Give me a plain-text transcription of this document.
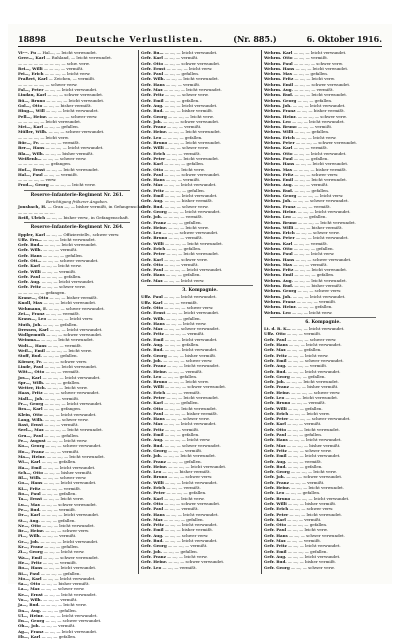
18898	Deutsche Verlustlisten.	(Nr. 885.)	6. Oktober 1916.
Vi---. Fu — Hal—, — leicht verwundet.
Gree—, Karl — Ruhland, — leicht verwundet.
— — — — — — — —, — schw. verw.
Rei—, Willi — — —, — vermißt.
Fei—, Erich — — —, — leicht verw.
Fraßert, Karl — Zeichen, — vermißt.
— — — — —, — schwer verw.
Fal—, Peter — —, — leicht verwundet.
Lindau, Karl — —, — schwer verwundet.
Bü—, Bruno — — —, — leicht verwundet.
Gol—, Otto — —, — bisher vermißt.
Hing—, Will — —, — leicht verwundet.
Pell—, Heinr. — — —, — schwer verw.
— — — —, — leicht verwundet.
Mei—, Karl — —, — gefallen.
Müller, Wilh. — —, — schwer verwundet.
— — — —, — leicht verw.
Bür—, Fr. — — —, — vermißt.
Ber—, Hans — — —, — leicht verwundet.
Bla—, Wilh. — —, — bisher vermißt.
Weißenb— — —, — schwer verw.
— — — — —, — gefangen.
Hof—, Ernst — —, — leicht verwundet.
Hal—, Paul — —, — vermißt.
— — — —, — verw.
Frod—, Georg — — —, — leicht verw.
Reserve-Infanterie-Regiment Nr. 261.
Berichtigung früherer Angaben.
Jonsbach, H. — Gran —, — bisher vermißt, in Gefangenschaft.
— — — — — — —.
Reiß, Ulrich — —, — bisher verw., in Gefangenschaft.
Reserve-Infanterie-Regiment Nr. 264.
Eppler, Karl — —, — Offizierstellv., schwer verw.
Uffz. Ern— — —, — leicht verwundet.
Gefr. Rud— — —, — leicht verwundet.
Gefr. Wilh. — —, — vermißt.
Gefr. Hans — — —, — gefallen.
Gefr. Ott— — —, — schwer verwundet.
Gefr. Karl — —, — leicht verw.
Gefr. Willi — —, — vermißt.
Gefr. Paul — — —, — gefallen.
Gefr. Aug. — —, — leicht verwundet.
Gefr. Fritz — —, — schwer verw.
— — — —, — gefangen.
Krane—, Otto — —, — bisher vermißt.
Knoll, Max — —, — leicht verwundet.
Wehmann, E. — —, — schwer verwundet.
Zei—, Franz — —, — vermißt.
Kraus—, Leo — — —, — leicht verw.
Muth, Joh. — —, — gefallen.
Dressen, Karl — —, — leicht verwundet.
Wollgemuth — —, — schwer verwundet.
Weinma— — —, — leicht verwundet.
Wolt—, Hans — —, — vermißt.
Weil—, Emil — — —, — leicht verw.
Stoff, Rud. — —, — gefallen.
Körner, Fr. — —, — schwer verw.
Linde, Paul — —, — leicht verwundet.
Witt—, Otto — —, — vermißt.
Jos—, Karl — — —, — leicht verwundet.
Spr—, Wilh. — —, — gefallen.
Wetter, Hch. — —, — leicht verw.
Haas, Fritz — —, — schwer verwundet.
Mall—, Joh. — —, — vermißt.
Fr—, Georg — — —, — leicht verwundet.
Bra—, Karl — —, — gefangen.
Klein, Otto — —, — leicht verwundet.
Lang, Wilh. — —, — schwer verw.
Rast, Ernst — —, — vermißt.
Seel—, Max — — —, — leicht verwundet.
Gru—, Paul — —, — gefallen.
Fe—, August — —, — leicht verw.
Ko—, Georg — —, — schwer verwundet.
Ho—, Franz — —, — vermißt.
Ma—, Heinr. — — —, — leicht verwundet.
Wi—, Karl — —, — gefallen.
Ha—, Emil — —, — leicht verwundet.
Sch—, Otto — —, — bisher vermißt.
Bl—, Wilh. — —, — schwer verw.
Go—, Hans — —, — leicht verwundet.
Ki—, Fritz — — —, — vermißt.
Ro—, Paul — —, — gefallen.
Ta—, Ernst — —, — leicht verw.
Lu—, Max — —, — schwer verwundet.
Pe—, Rud. — —, — vermißt.
Dr—, Karl — — —, — leicht verwundet.
St—, Aug. — —, — gefallen.
Ne—, Otto — —, — leicht verwundet.
Br—, Heinr. — —, — schwer verw.
Fi—, Wilh. — —, — vermißt.
Gr—, Joh. — — —, — leicht verwundet.
Kr—, Franz — —, — gefallen.
Zi—, Georg — —, — leicht verw.
Wa—, Emil — —, — schwer verwundet.
He—, Fritz — —, — vermißt.
Bo—, Hans — —, — leicht verwundet.
Ri—, Paul — — —, — gefallen.
Mo—, Karl — —, — leicht verwundet.
Sa—, Otto — —, — bisher vermißt.
La—, Max — —, — schwer verw.
Ke—, Ernst — —, — leicht verwundet.
Vo—, Wilh. — —, — vermißt.
Ja—, Rud. — — —, — leicht verw.
Da—, Aug. — —, — gefallen.
Ul—, Heinr. — —, — leicht verwundet.
En—, Georg — —, — schwer verwundet.
Ob—, Joh. — —, — vermißt.
Ag—, Franz — —, — leicht verwundet.
Eb—, Karl — —, — gefallen.
Gefr. Ru— — —, — leicht verwundet.
Gefr. Karl — —, — vermißt.
Gefr. Otto — —, — schwer verwundet.
Gefr. Ernst — — —, — leicht verw.
Gefr. Paul — —, — gefallen.
Gefr. Wilh. — —, — leicht verwundet.
Gefr. Hans — —, — vermißt.
Gefr. Max — — —, — leicht verwundet.
Gefr. Fritz — —, — schwer verw.
Gefr. Emil — —, — gefallen.
Gefr. Aug. — —, — leicht verwundet.
Gefr. Rud. — —, — bisher vermißt.
Gefr. Georg — — —, — leicht verw.
Gefr. Joh. — —, — schwer verwundet.
Gefr. Franz — —, — vermißt.
Gefr. Heinr. — —, — leicht verwundet.
Gefr. Leo — — —, — gefallen.
Gefr. Bruno — —, — leicht verwundet.
Gefr. Willi — —, — schwer verw.
Gefr. Erich — —, — vermißt.
Gefr. Peter — —, — leicht verwundet.
Gefr. Karl — — —, — gefallen.
Gefr. Otto — —, — leicht verw.
Gefr. Paul — —, — schwer verwundet.
Gefr. Hans — —, — vermißt.
Gefr. Max — —, — leicht verwundet.
Gefr. Fritz — — —, — gefallen.
Gefr. Emil — —, — leicht verwundet.
Gefr. Aug. — —, — bisher vermißt.
Gefr. Rud. — —, — schwer verw.
Gefr. Georg — —, — leicht verwundet.
Gefr. Joh. — — —, — vermißt.
Gefr. Franz — —, — gefallen.
Gefr. Heinr. — —, — leicht verw.
Gefr. Leo — —, — schwer verwundet.
Gefr. Bruno — —, — vermißt.
Gefr. Willi — — —, — leicht verwundet.
Gefr. Erich — —, — gefallen.
Gefr. Peter — —, — leicht verwundet.
Gefr. Karl — —, — schwer verw.
Gefr. Otto — —, — vermißt.
Gefr. Paul — — —, — leicht verwundet.
Gefr. Hans — —, — gefallen.
Gefr. Max — —, — leicht verw.
3. Kompagnie.
Uffz. Paul — —, — leicht verwundet.
Uffz. Karl — —, — vermißt.
Gefr. Otto — — —, — schwer verw.
Gefr. Ernst — —, — leicht verwundet.
Gefr. Wilh. — —, — gefallen.
Gefr. Hans — —, — leicht verw.
Gefr. Max — —, — schwer verwundet.
Gefr. Fritz — — —, — vermißt.
Gefr. Emil — —, — leicht verwundet.
Gefr. Aug. — —, — gefallen.
Gefr. Rud. — —, — leicht verwundet.
Gefr. Georg — —, — bisher vermißt.
Gefr. Joh. — — —, — schwer verw.
Gefr. Franz — —, — leicht verwundet.
Gefr. Heinr. — —, — vermißt.
Gefr. Leo — —, — gefallen.
Gefr. Bruno — —, — leicht verw.
Gefr. Willi — — —, — schwer verwundet.
Gefr. Erich — —, — vermißt.
Gefr. Peter — —, — leicht verwundet.
Gefr. Karl — —, — gefallen.
Gefr. Otto — —, — leicht verwundet.
Gefr. Paul — — —, — bisher vermißt.
Gefr. Hans — —, — schwer verw.
Gefr. Max — —, — leicht verwundet.
Gefr. Fritz — —, — vermißt.
Gefr. Emil — —, — gefallen.
Gefr. Aug. — — —, — leicht verw.
Gefr. Rud. — —, — schwer verwundet.
Gefr. Georg — —, — vermißt.
Gefr. Joh. — —, — leicht verwundet.
Gefr. Franz — —, — gefallen.
Gefr. Heinr. — — —, — leicht verwundet.
Gefr. Leo — —, — bisher vermißt.
Gefr. Bruno — —, — schwer verw.
Gefr. Willi — —, — leicht verwundet.
Gefr. Erich — —, — vermißt.
Gefr. Peter — — —, — gefallen.
Gefr. Karl — —, — leicht verw.
Gefr. Otto — —, — schwer verwundet.
Gefr. Paul — —, — vermißt.
Gefr. Hans — —, — leicht verwundet.
Gefr. Max — — —, — gefallen.
Gefr. Fritz — —, — leicht verwundet.
Gefr. Emil — —, — bisher vermißt.
Gefr. Aug. — —, — schwer verw.
Gefr. Rud. — —, — leicht verwundet.
Gefr. Georg — — —, — vermißt.
Gefr. Joh. — —, — gefallen.
Gefr. Franz — —, — leicht verw.
Gefr. Heinr. — —, — schwer verwundet.
Gefr. Leo — —, — vermißt.
Wehrm. Karl — —, — leicht verwundet.
Wehrm. Otto — —, — vermißt.
Wehrm. Paul — — —, — schwer verw.
Wehrm. Hans — —, — leicht verwundet.
Wehrm. Max — —, — gefallen.
Wehrm. Fritz — —, — leicht verw.
Wehrm. Emil — —, — schwer verwundet.
Wehrm. Aug. — — —, — vermißt.
Wehrm. Rud. — —, — leicht verwundet.
Wehrm. Georg — —, — gefallen.
Wehrm. Joh. — —, — leicht verwundet.
Wehrm. Franz — —, — bisher vermißt.
Wehrm. Heinr. — — —, — schwer verw.
Wehrm. Leo — —, — leicht verwundet.
Wehrm. Bruno — —, — vermißt.
Wehrm. Willi — —, — gefallen.
Wehrm. Erich — —, — leicht verw.
Wehrm. Peter — — —, — schwer verwundet.
Wehrm. Karl — —, — vermißt.
Wehrm. Otto — —, — leicht verwundet.
Wehrm. Paul — —, — gefallen.
Wehrm. Hans — —, — leicht verwundet.
Wehrm. Max — — —, — bisher vermißt.
Wehrm. Fritz — —, — schwer verw.
Wehrm. Emil — —, — leicht verwundet.
Wehrm. Aug. — —, — vermißt.
Wehrm. Rud. — —, — gefallen.
Wehrm. Georg — — —, — leicht verw.
Wehrm. Joh. — —, — schwer verwundet.
Wehrm. Franz — —, — vermißt.
Wehrm. Heinr. — —, — leicht verwundet.
Wehrm. Leo — —, — gefallen.
Wehrm. Bruno — — —, — leicht verwundet.
Wehrm. Willi — —, — bisher vermißt.
Wehrm. Erich — —, — schwer verw.
Wehrm. Peter — —, — leicht verwundet.
Wehrm. Karl — —, — vermißt.
Wehrm. Otto — — —, — gefallen.
Wehrm. Paul — —, — leicht verw.
Wehrm. Hans — —, — schwer verwundet.
Wehrm. Max — —, — vermißt.
Wehrm. Fritz — —, — leicht verwundet.
Wehrm. Emil — — —, — gefallen.
Wehrm. Aug. — —, — leicht verwundet.
Wehrm. Rud. — —, — bisher vermißt.
Wehrm. Georg — —, — schwer verw.
Wehrm. Joh. — —, — leicht verwundet.
Wehrm. Franz — — —, — vermißt.
Wehrm. Heinr. — —, — gefallen.
Wehrm. Leo — —, — leicht verw.
6. Kompagnie.
Lt. d. R. K— — —, — leicht verwundet.
Uffz. Otto — —, — vermißt.
Gefr. Paul — — —, — schwer verw.
Gefr. Hans — —, — leicht verwundet.
Gefr. Max — —, — gefallen.
Gefr. Fritz — —, — leicht verw.
Gefr. Emil — —, — schwer verwundet.
Gefr. Aug. — — —, — vermißt.
Gefr. Rud. — —, — leicht verwundet.
Gefr. Georg — —, — gefallen.
Gefr. Joh. — —, — leicht verwundet.
Gefr. Franz — —, — bisher vermißt.
Gefr. Heinr. — — —, — schwer verw.
Gefr. Leo — —, — leicht verwundet.
Gefr. Bruno — —, — vermißt.
Gefr. Willi — —, — gefallen.
Gefr. Erich — —, — leicht verw.
Gefr. Peter — — —, — schwer verwundet.
Gefr. Karl — —, — vermißt.
Gefr. Otto — —, — leicht verwundet.
Gefr. Paul — —, — gefallen.
Gefr. Hans — —, — leicht verwundet.
Gefr. Max — — —, — bisher vermißt.
Gefr. Fritz — —, — schwer verw.
Gefr. Emil — —, — leicht verwundet.
Gefr. Aug. — —, — vermißt.
Gefr. Rud. — —, — gefallen.
Gefr. Georg — — —, — leicht verw.
Gefr. Joh. — —, — schwer verwundet.
Gefr. Franz — —, — vermißt.
Gefr. Heinr. — —, — leicht verwundet.
Gefr. Leo — —, — gefallen.
Gefr. Bruno — — —, — leicht verwundet.
Gefr. Willi — —, — bisher vermißt.
Gefr. Erich — —, — schwer verw.
Gefr. Peter — —, — leicht verwundet.
Gefr. Karl — —, — vermißt.
Gefr. Otto — — —, — gefallen.
Gefr. Paul — —, — leicht verw.
Gefr. Hans — —, — schwer verwundet.
Gefr. Max — —, — vermißt.
Gefr. Fritz — —, — leicht verwundet.
Gefr. Emil — — —, — gefallen.
Gefr. Aug. — —, — leicht verwundet.
Gefr. Rud. — —, — bisher vermißt.
Gefr. Georg — —, — schwer verw.
